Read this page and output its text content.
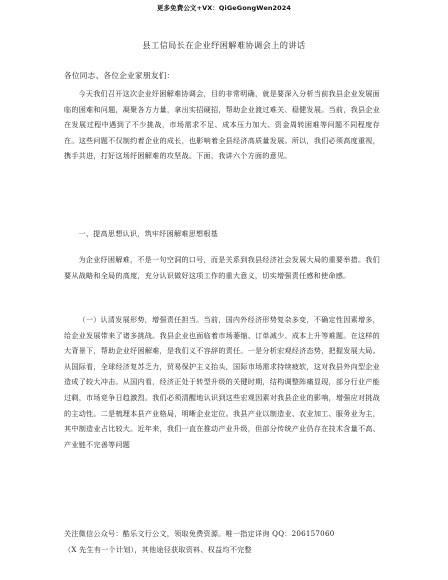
更多免费公文+VX：QiGeGongWen2024
县工信局长在企业纾困解难协调会上的讲话
各位同志、各位企业家朋友们：

今天我们召开这次企业纾困解难协调会，目的非常明确，就是要深入分析当前我县企业发展面临的困难和问题，凝聚各方力量，拿出实招硬招，帮助企业渡过难关、稳健发展。当前，我县企业在发展过程中遇到了不少挑战，市场需求不足、成本压力加大、资金周转困难等问题不同程度存在。这些问题不仅制约着企业的成长，也影响着全县经济高质量发展。所以，我们必须高度重视，携手共进，打好这场纾困解难的攻坚战。下面，我讲六个方面的意见。

一、提高思想认识，筑牢纾困解难思想根基

为企业纾困解难，不是一句空洞的口号，而是关系到我县经济社会发展大局的重要举措。我们要从战略和全局的高度，充分认识做好这项工作的重大意义，切实增强责任感和使命感。

（一）认清发展形势，增强责任担当。当前，国内外经济形势复杂多变，不确定性因素增多，给企业发展带来了诸多挑战。我县企业也面临着市场萎缩、订单减少、成本上升等难题。在这样的大背景下，帮助企业纾困解难，是我们义不容辞的责任。一是分析宏观经济态势，把握发展大局。从国际看，全球经济复苏乏力，贸易保护主义抬头，国际市场需求持续疲软，这对我县外向型企业造成了较大冲击。从国内看，经济正处于转型升级的关键时期，结构调整阵痛显现，部分行业产能过剩，市场竞争日趋激烈。我们必须清醒地认识到这些宏观因素对我县企业的影响，增强应对挑战的主动性。二是梳理本县产业格局，明晰企业定位。我县产业以制造业、农业加工、服务业为主，其中制造业占比较大。近年来，我们一直在推动产业升级，但部分传统产业仍存在技术含量不高、产业链不完善等问题

关注微信公众号：酷乐文行公文，领取免费资源。唯一指定详询 QQ：206157060
（X 先生有一个计划），其他途径获取资料、权益均不完整
